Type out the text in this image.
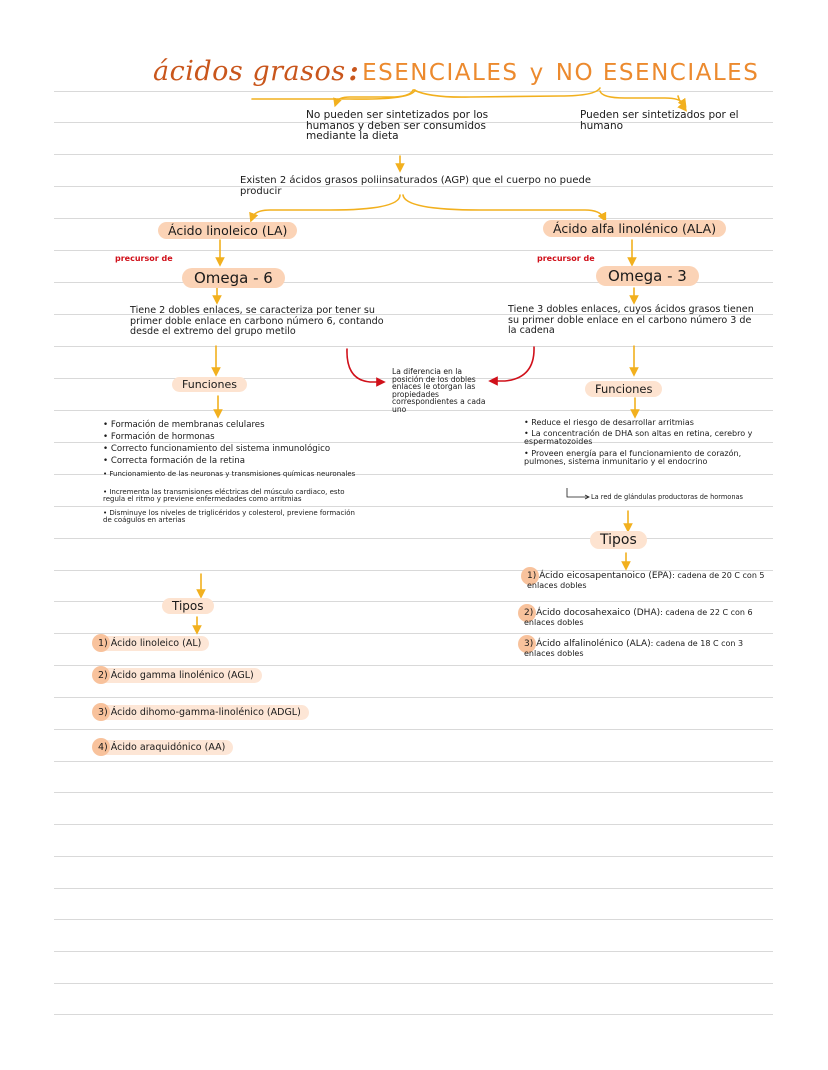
ácidos grasos : ESENCIALES y NO ESENCIALES
No pueden ser sintetizados por los humanos y deben ser consumidos mediante la dieta
Pueden ser sintetizados por el humano
Existen 2 ácidos grasos poliinsaturados (AGP) que el cuerpo no puede producir
Ácido linoleico (LA)
precursor de
Omega - 6
Tiene 2 dobles enlaces, se caracteriza por tener su primer doble enlace en carbono número 6, contando desde el extremo del grupo metilo
Funciones
• Formación de membranas celulares
• Formación de hormonas
• Correcto funcionamiento del sistema inmunológico
• Correcta formación de la retina
• Funcionamiento de las neuronas y transmisiones químicas neuronales
• Incrementa las transmisiones eléctricas del músculo cardiaco, esto regula el ritmo y previene enfermedades como arritmias
• Disminuye los niveles de triglicéridos y colesterol, previene formación de coágulos en arterias
Tipos
1) Ácido linoleico (AL)
2) Ácido gamma linolénico (AGL)
3) Ácido dihomo-gamma-linolénico (ADGL)
4) Ácido araquidónico (AA)
La diferencia en la posición de los dobles enlaces le otorgan las propiedades correspondientes a cada uno
Ácido alfa linolénico (ALA)
precursor de
Omega - 3
Tiene 3 dobles enlaces, cuyos ácidos grasos tienen su primer doble enlace en el carbono número 3 de la cadena
Funciones
• Reduce el riesgo de desarrollar arritmias
• La concentración de DHA son altas en retina, cerebro y espermatozoides
• Proveen energía para el funcionamiento de corazón, pulmones, sistema inmunitario y el endocrino
La red de glándulas productoras de hormonas
Tipos
1) Ácido eicosapentanoico (EPA): cadena de 20 C con 5 enlaces dobles
2) Ácido docosahexaico (DHA): cadena de 22 C con 6 enlaces dobles
3) Ácido alfalinolénico (ALA): cadena de 18 C con 3 enlaces dobles
